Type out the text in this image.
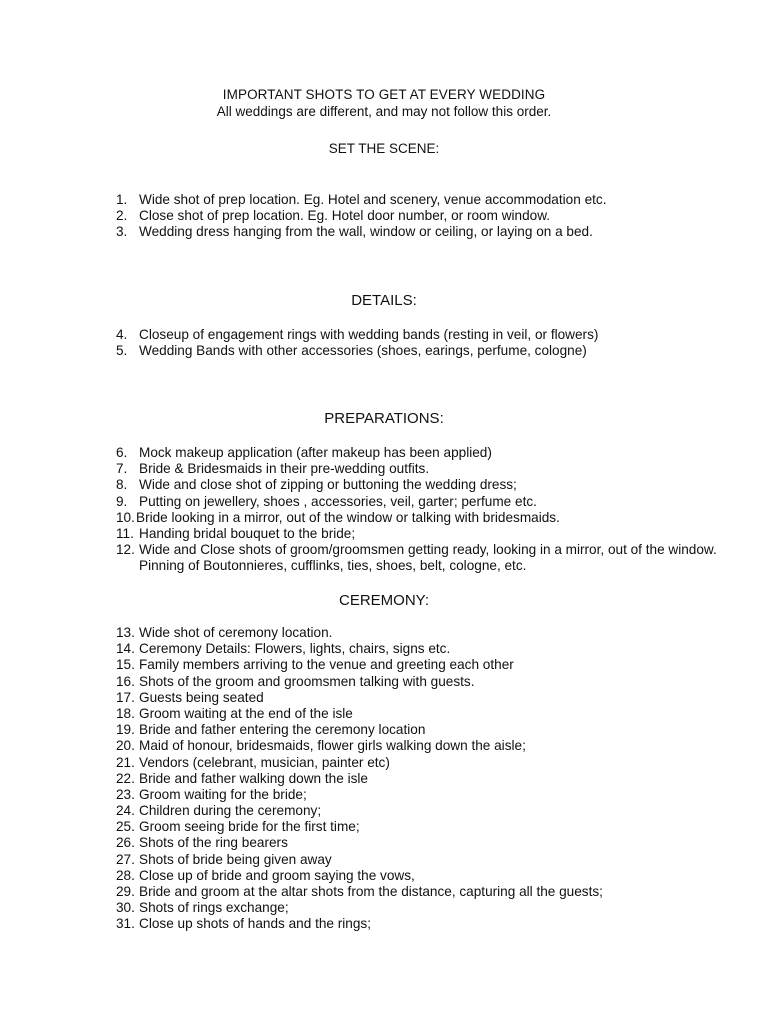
IMPORTANT SHOTS TO GET AT EVERY WEDDING
All weddings are different, and may not follow this order.
SET THE SCENE:
1. Wide shot of prep location. Eg. Hotel and scenery, venue accommodation etc.
2. Close shot of prep location. Eg. Hotel door number, or room window.
3. Wedding dress hanging from the wall, window or ceiling, or laying on a bed.
DETAILS:
4. Closeup of engagement rings with wedding bands (resting in veil, or flowers)
5. Wedding Bands with other accessories (shoes, earings, perfume, cologne)
PREPARATIONS:
6. Mock makeup application (after makeup has been applied)
7. Bride & Bridesmaids in their pre-wedding outfits.
8. Wide and close shot of zipping or buttoning the wedding dress;
9. Putting on jewellery, shoes , accessories, veil, garter; perfume etc.
10. Bride looking in a mirror, out of the window or talking with bridesmaids.
11. Handing bridal bouquet to the bride;
12. Wide and Close shots of groom/groomsmen getting ready, looking in a mirror, out of the window. Pinning of Boutonnieres, cufflinks, ties, shoes, belt, cologne, etc.
CEREMONY:
13. Wide shot of ceremony location.
14. Ceremony Details: Flowers, lights, chairs, signs etc.
15. Family members arriving to the venue and greeting each other
16. Shots of the groom and groomsmen talking with guests.
17. Guests being seated
18. Groom waiting at the end of the isle
19. Bride and father entering the ceremony location
20. Maid of honour, bridesmaids, flower girls walking down the aisle;
21. Vendors (celebrant, musician, painter etc)
22. Bride and father walking down the isle
23. Groom waiting for the bride;
24. Children during the ceremony;
25. Groom seeing bride for the first time;
26. Shots of the ring bearers
27. Shots of bride being given away
28. Close up of bride and groom saying the vows,
29. Bride and groom at the altar shots from the distance, capturing all the guests;
30. Shots of rings exchange;
31. Close up shots of hands and the rings;
